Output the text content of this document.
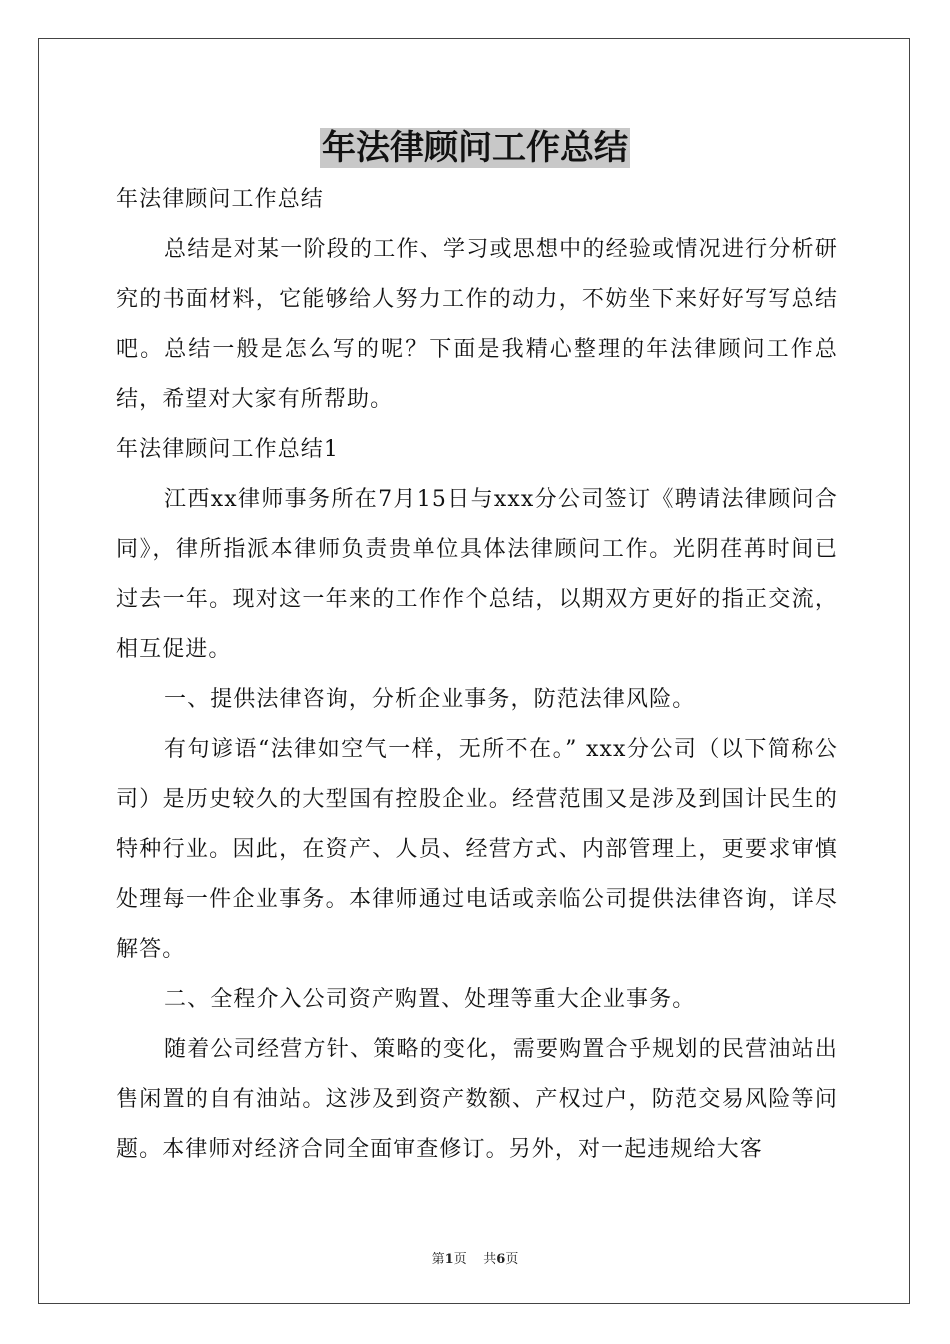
年法律顾问工作总结

年法律顾问工作总结

总结是对某一阶段的工作、学习或思想中的经验或情况进行分析研究的书面材料，它能够给人努力工作的动力，不妨坐下来好好写写总结吧。总结一般是怎么写的呢？下面是我精心整理的年法律顾问工作总结，希望对大家有所帮助。

年法律顾问工作总结1

江西xx律师事务所在7月15日与xxx分公司签订《聘请法律顾问合同》，律所指派本律师负责贵单位具体法律顾问工作。光阴荏苒时间已过去一年。现对这一年来的工作作个总结，以期双方更好的指正交流，相互促进。

一、提供法律咨询，分析企业事务，防范法律风险。

有句谚语“法律如空气一样，无所不在。” xxx分公司（以下简称公司）是历史较久的大型国有控股企业。经营范围又是涉及到国计民生的特种行业。因此，在资产、人员、经营方式、内部管理上，更要求审慎处理每一件企业事务。本律师通过电话或亲临公司提供法律咨询，详尽解答。

二、全程介入公司资产购置、处理等重大企业事务。

随着公司经营方针、策略的变化，需要购置合乎规划的民营油站出售闲置的自有油站。这涉及到资产数额、产权过户，防范交易风险等问题。本律师对经济合同全面审查修订。另外，对一起违规给大客

第1页 共6页
